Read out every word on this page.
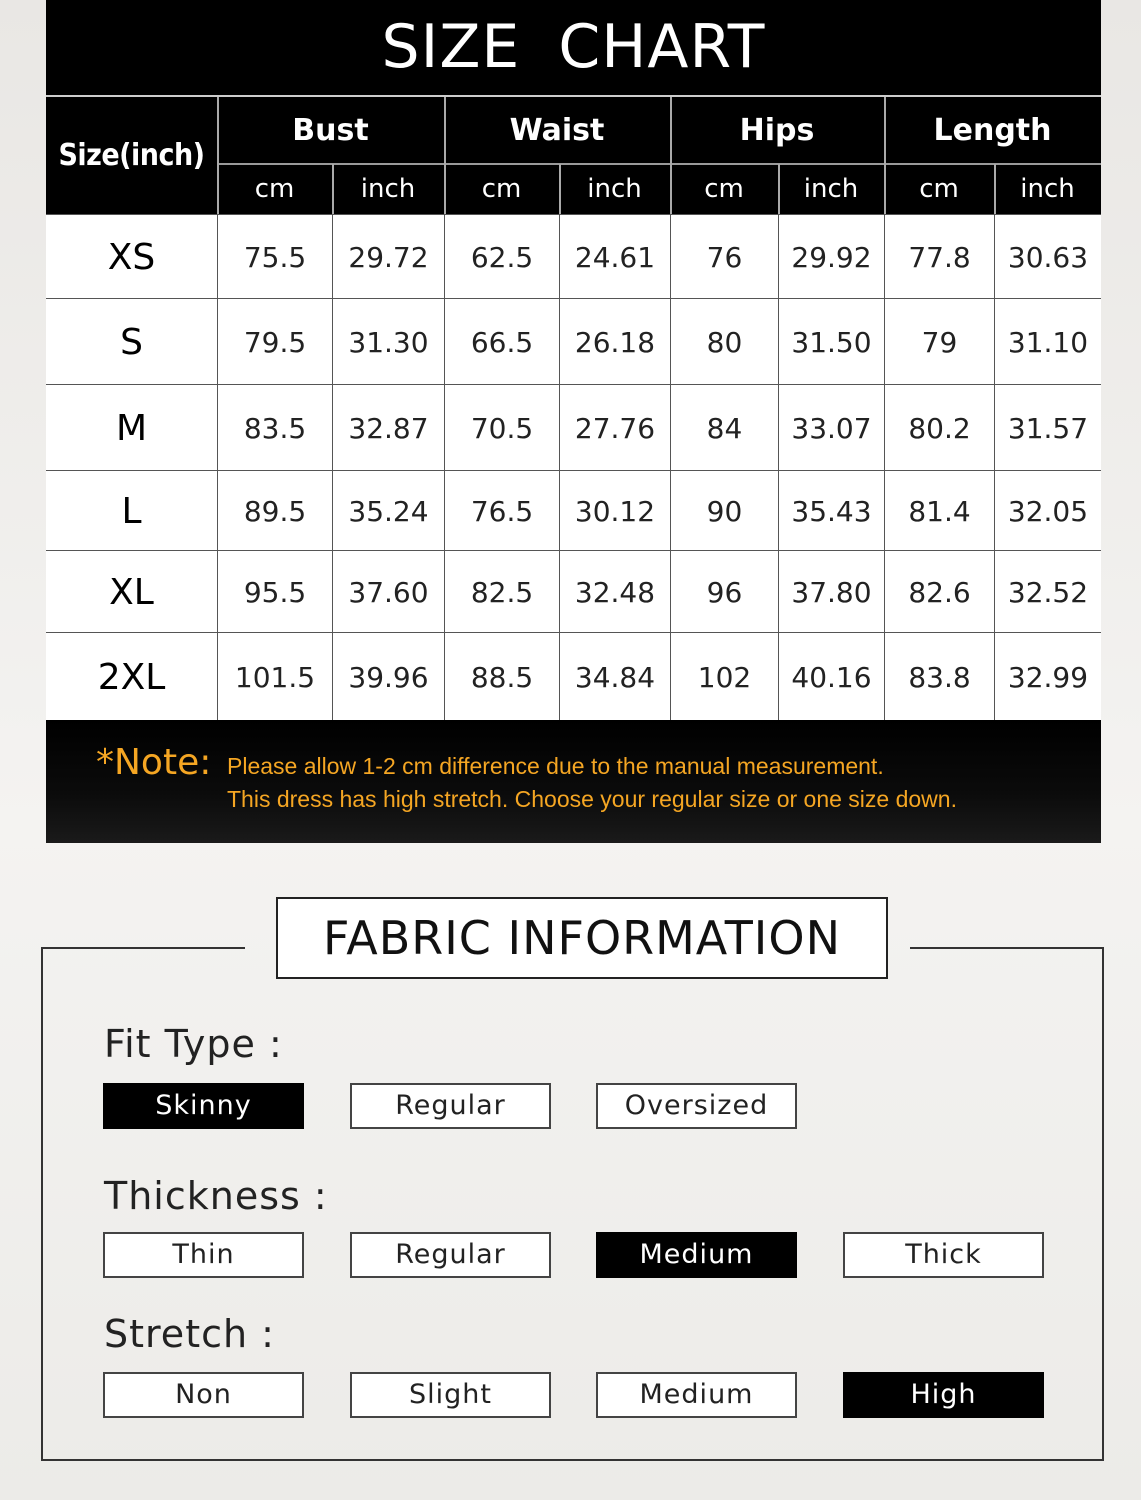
SIZE CHART
Size(inch)
Bust	Waist	Hips	Length
cm	inch	cm	inch	cm	inch	cm	inch
XS	75.5	29.72	62.5	24.61	76	29.92	77.8	30.63
S	79.5	31.30	66.5	26.18	80	31.50	79	31.10
M	83.5	32.87	70.5	27.76	84	33.07	80.2	31.57
L	89.5	35.24	76.5	30.12	90	35.43	81.4	32.05
XL	95.5	37.60	82.5	32.48	96	37.80	82.6	32.52
2XL	101.5	39.96	88.5	34.84	102	40.16	83.8	32.99
*Note: Please allow 1-2 cm difference due to the manual measurement.
This dress has high stretch. Choose your regular size or one size down.
FABRIC INFORMATION
Fit Type :
Skinny	Regular	Oversized
Thickness :
Thin	Regular	Medium	Thick
Stretch :
Non	Slight	Medium	High
